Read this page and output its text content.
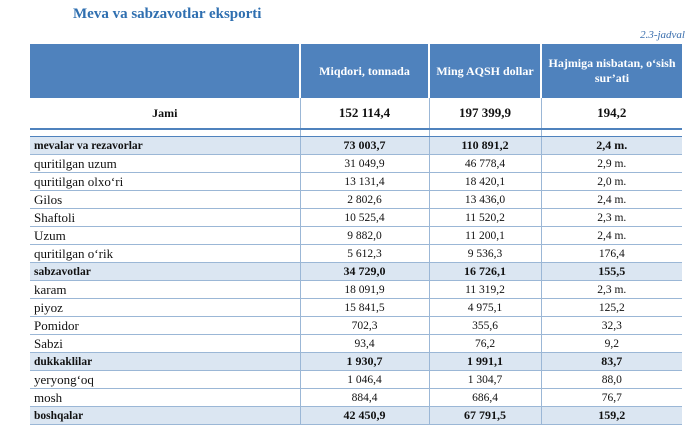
Meva va sabzavotlar eksporti
2.3-jadval
	Miqdori, tonnada	Ming AQSH dollar	Hajmiga nisbatan, o‘sish sur’ati
Jami	152 114,4	197 399,9	194,2

mevalar va rezavorlar	73 003,7	110 891,2	2,4 m.
quritilgan uzum	31 049,9	46 778,4	2,9 m.
quritilgan olxo‘ri	13 131,4	18 420,1	2,0 m.
Gilos	2 802,6	13 436,0	2,4 m.
Shaftoli	10 525,4	11 520,2	2,3 m.
Uzum	9 882,0	11 200,1	2,4 m.
quritilgan o‘rik	5 612,3	9 536,3	176,4
sabzavotlar	34 729,0	16 726,1	155,5
karam	18 091,9	11 319,2	2,3 m.
piyoz	15 841,5	4 975,1	125,2
Pomidor	702,3	355,6	32,3
Sabzi	93,4	76,2	9,2
dukkaklilar	1 930,7	1 991,1	83,7
yeryong‘oq	1 046,4	1 304,7	88,0
mosh	884,4	686,4	76,7
boshqalar	42 450,9	67 791,5	159,2
